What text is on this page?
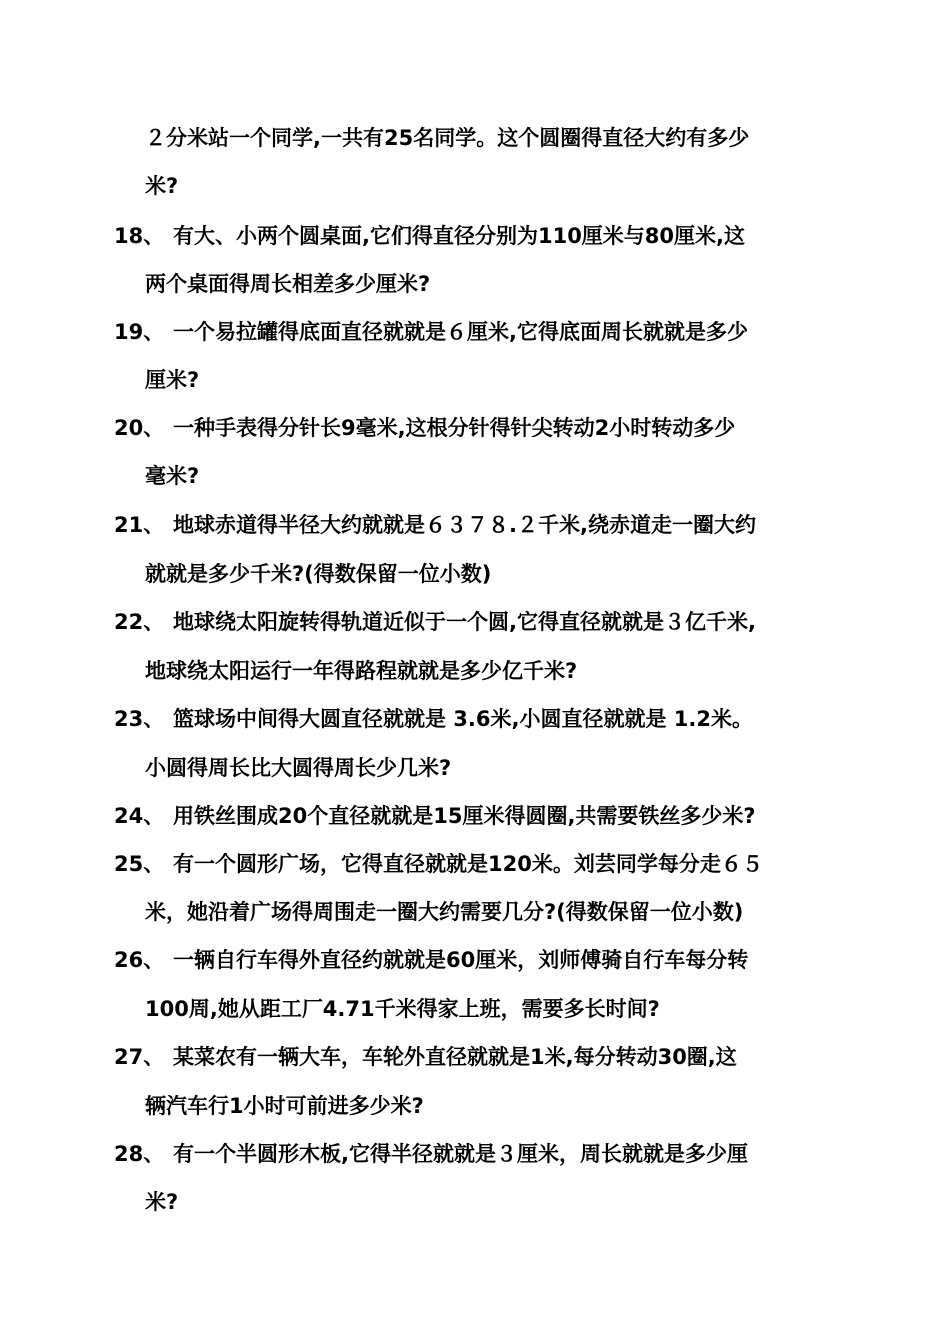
２分米站一个同学,一共有25名同学。这个圆圈得直径大约有多少
米?
18、 有大、小两个圆桌面,它们得直径分别为110厘米与80厘米,这
两个桌面得周长相差多少厘米?
19、 一个易拉罐得底面直径就就是６厘米,它得底面周长就就是多少
厘米?
20、 一种手表得分针长9毫米,这根分针得针尖转动2小时转动多少
毫米?
21、 地球赤道得半径大约就就是６３７８.２千米,绕赤道走一圈大约
就就是多少千米?(得数保留一位小数)
22、 地球绕太阳旋转得轨道近似于一个圆,它得直径就就是３亿千米,
地球绕太阳运行一年得路程就就是多少亿千米?
23、 篮球场中间得大圆直径就就是 3.6米,小圆直径就就是 1.2米。
小圆得周长比大圆得周长少几米?
24、 用铁丝围成20个直径就就是15厘米得圆圈,共需要铁丝多少米?
25、 有一个圆形广场，它得直径就就是120米。刘芸同学每分走６５
米，她沿着广场得周围走一圈大约需要几分?(得数保留一位小数)
26、 一辆自行车得外直径约就就是60厘米，刘师傅骑自行车每分转
100周,她从距工厂4.71千米得家上班，需要多长时间?
27、 某菜农有一辆大车，车轮外直径就就是1米,每分转动30圈,这
辆汽车行1小时可前进多少米?
28、 有一个半圆形木板,它得半径就就是３厘米，周长就就是多少厘
米?
